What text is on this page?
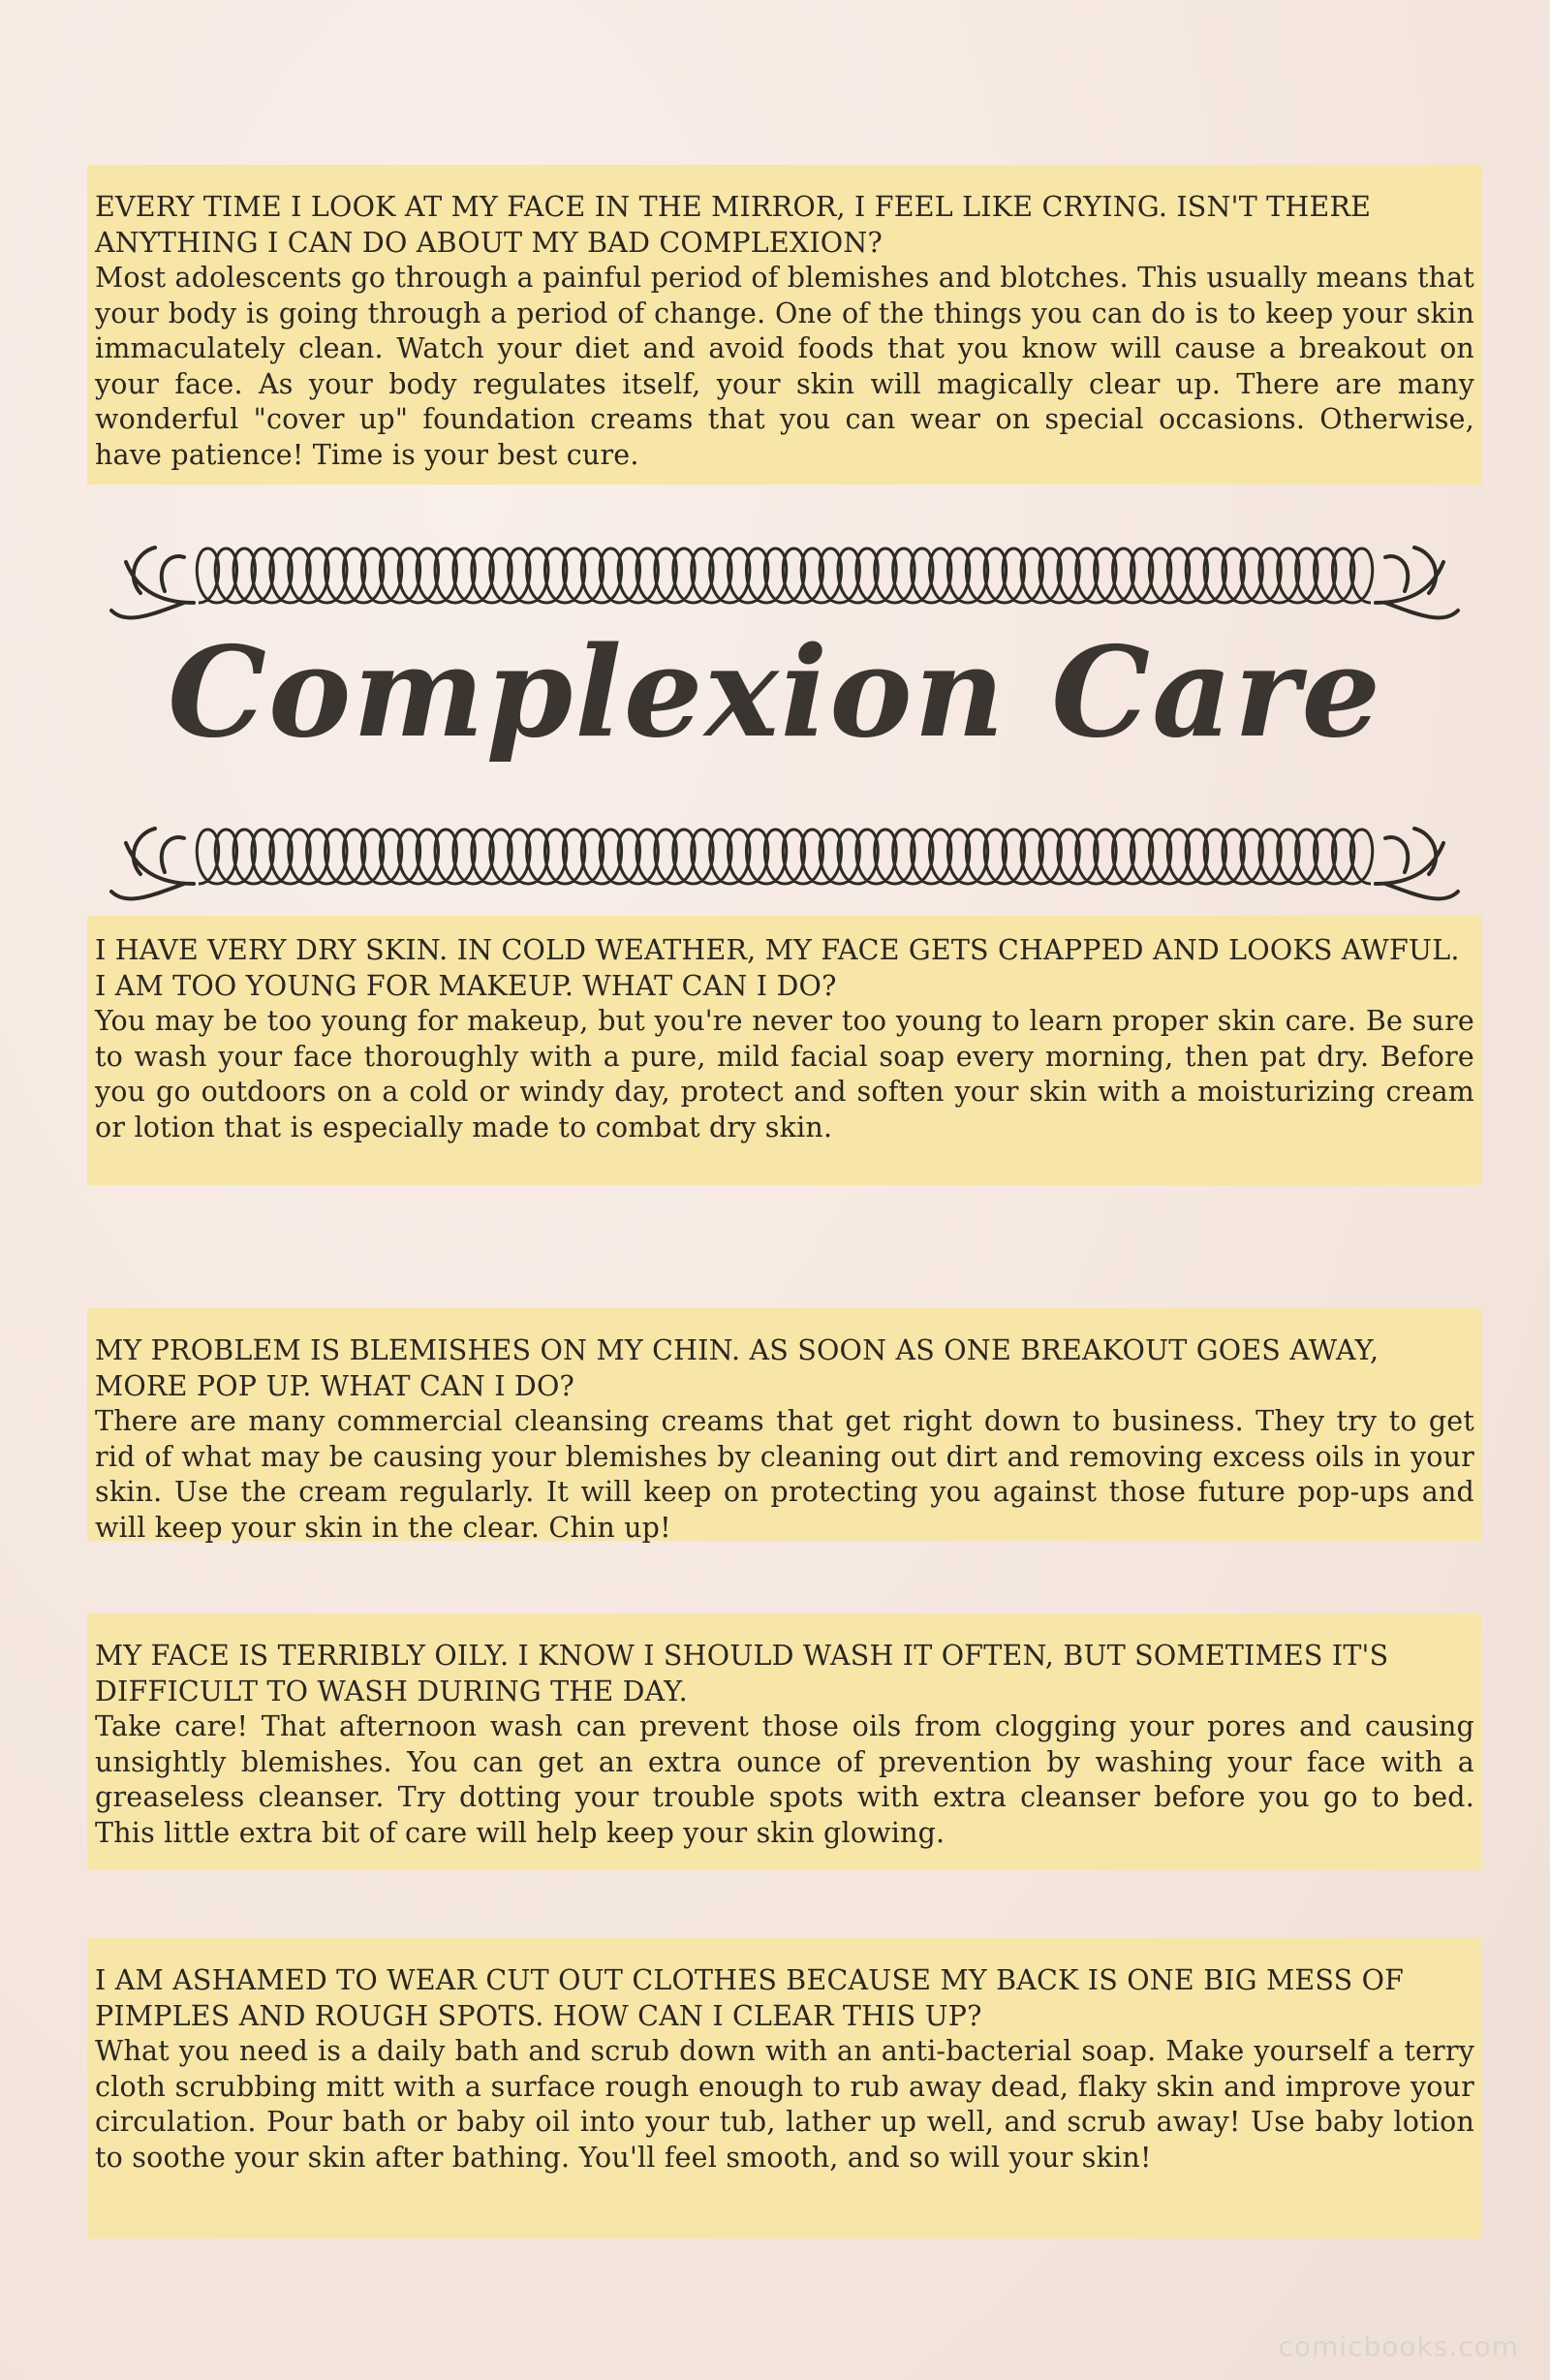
EVERY TIME I LOOK AT MY FACE IN THE MIRROR, I FEEL LIKE CRYING. ISN'T THERE ANYTHING I CAN DO ABOUT MY BAD COMPLEXION?
Most adolescents go through a painful period of blemishes and blotches. This usually means that your body is going through a period of change. One of the things you can do is to keep your skin immaculately clean. Watch your diet and avoid foods that you know will cause a breakout on your face. As your body regulates itself, your skin will magically clear up. There are many wonderful "cover up" foundation creams that you can wear on special occasions. Otherwise, have patience! Time is your best cure.
Complexion Care
I HAVE VERY DRY SKIN. IN COLD WEATHER, MY FACE GETS CHAPPED AND LOOKS AWFUL. I AM TOO YOUNG FOR MAKEUP. WHAT CAN I DO?
You may be too young for makeup, but you're never too young to learn proper skin care. Be sure to wash your face thoroughly with a pure, mild facial soap every morning, then pat dry. Before you go outdoors on a cold or windy day, protect and soften your skin with a moisturizing cream or lotion that is especially made to combat dry skin.
MY PROBLEM IS BLEMISHES ON MY CHIN. AS SOON AS ONE BREAKOUT GOES AWAY, MORE POP UP. WHAT CAN I DO?
There are many commercial cleansing creams that get right down to business. They try to get rid of what may be causing your blemishes by cleaning out dirt and removing excess oils in your skin. Use the cream regularly. It will keep on protecting you against those future pop-ups and will keep your skin in the clear. Chin up!
MY FACE IS TERRIBLY OILY. I KNOW I SHOULD WASH IT OFTEN, BUT SOMETIMES IT'S DIFFICULT TO WASH DURING THE DAY.
Take care! That afternoon wash can prevent those oils from clogging your pores and causing unsightly blemishes. You can get an extra ounce of prevention by washing your face with a greaseless cleanser. Try dotting your trouble spots with extra cleanser before you go to bed. This little extra bit of care will help keep your skin glowing.
I AM ASHAMED TO WEAR CUT OUT CLOTHES BECAUSE MY BACK IS ONE BIG MESS OF PIMPLES AND ROUGH SPOTS. HOW CAN I CLEAR THIS UP?
What you need is a daily bath and scrub down with an anti-bacterial soap. Make yourself a terry cloth scrubbing mitt with a surface rough enough to rub away dead, flaky skin and improve your circulation. Pour bath or baby oil into your tub, lather up well, and scrub away! Use baby lotion to soothe your skin after bathing. You'll feel smooth, and so will your skin!
comicbooks.com
